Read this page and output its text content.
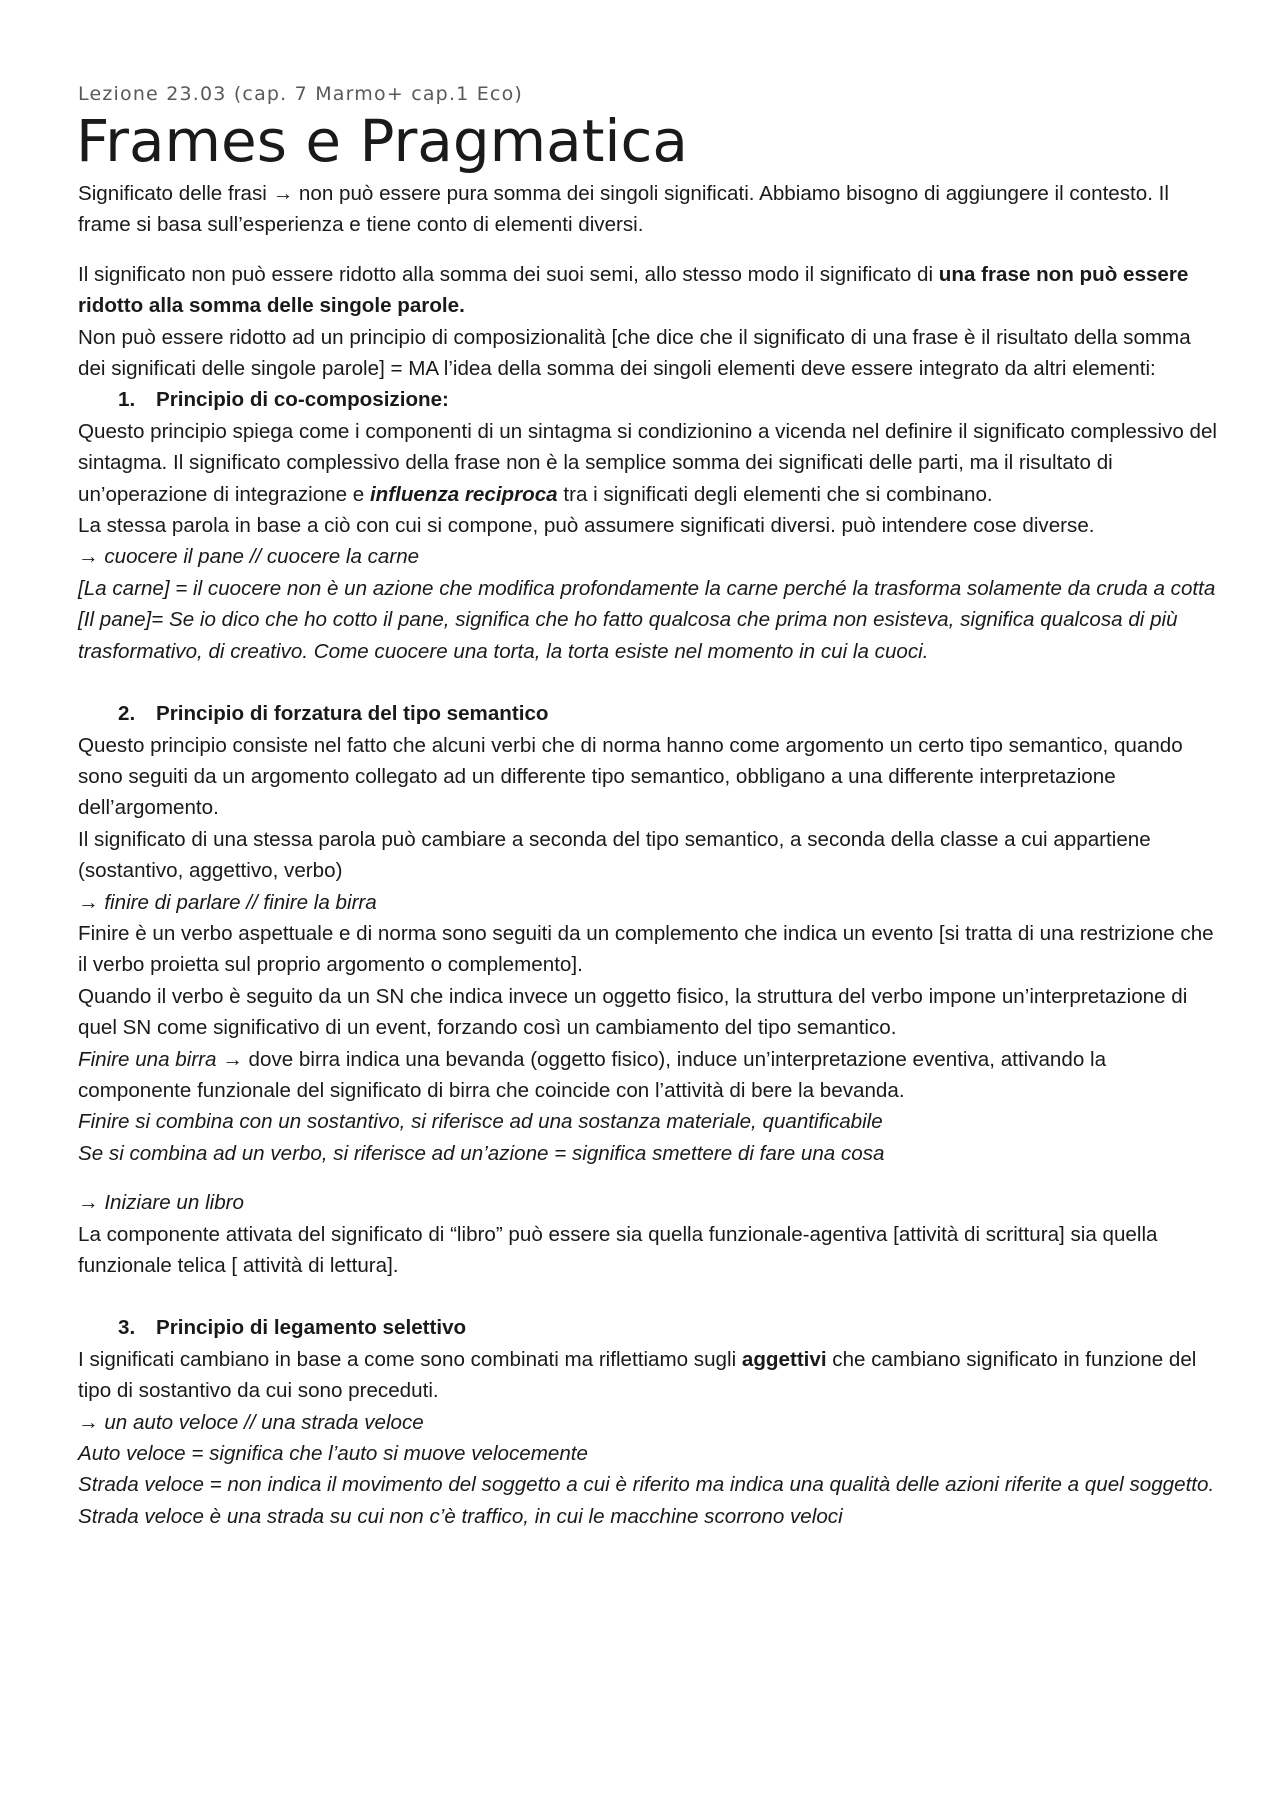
Lezione 23.03 (cap. 7 Marmo+ cap.1 Eco)

Frames e Pragmatica

Significato delle frasi → non può essere pura somma dei singoli significati. Abbiamo bisogno di aggiungere il contesto. Il frame si basa sull’esperienza e tiene conto di elementi diversi.

Il significato non può essere ridotto alla somma dei suoi semi, allo stesso modo il significato di una frase non può essere ridotto alla somma delle singole parole.

Non può essere ridotto ad un principio di composizionalità [che dice che il significato di una frase è il risultato della somma dei significati delle singole parole] = MA l’idea della somma dei singoli elementi deve essere integrato da altri elementi:

1. Principio di co-composizione:

Questo principio spiega come i componenti di un sintagma si condizionino a vicenda nel definire il significato complessivo del sintagma. Il significato complessivo della frase non è la semplice somma dei significati delle parti, ma il risultato di un’operazione di integrazione e influenza reciproca tra i significati degli elementi che si combinano.

La stessa parola in base a ciò con cui si compone, può assumere significati diversi. può intendere cose diverse.

→ cuocere il pane // cuocere la carne

[La carne] = il cuocere non è un azione che modifica profondamente la carne perché la trasforma solamente da cruda a cotta

[Il pane]= Se io dico che ho cotto il pane, significa che ho fatto qualcosa che prima non esisteva, significa qualcosa di più trasformativo, di creativo. Come cuocere una torta, la torta esiste nel momento in cui la cuoci.

2. Principio di forzatura del tipo semantico

Questo principio consiste nel fatto che alcuni verbi che di norma hanno come argomento un certo tipo semantico, quando sono seguiti da un argomento collegato ad un differente tipo semantico, obbligano a una differente interpretazione dell’argomento.

Il significato di una stessa parola può cambiare a seconda del tipo semantico, a seconda della classe a cui appartiene (sostantivo, aggettivo, verbo)

→ finire di parlare // finire la birra

Finire è un verbo aspettuale e di norma sono seguiti da un complemento che indica un evento [si tratta di una restrizione che il verbo proietta sul proprio argomento o complemento].

Quando il verbo è seguito da un SN che indica invece un oggetto fisico, la struttura del verbo impone un’interpretazione di quel SN come significativo di un event, forzando così un cambiamento del tipo semantico.

Finire una birra → dove birra indica una bevanda (oggetto fisico), induce un’interpretazione eventiva, attivando la componente funzionale del significato di birra che coincide con l’attività di bere la bevanda.

Finire si combina con un sostantivo, si riferisce ad una sostanza materiale, quantificabile

Se si combina ad un verbo, si riferisce ad un’azione = significa smettere di fare una cosa

→ Iniziare un libro

La componente attivata del significato di “libro” può essere sia quella funzionale-agentiva [attività di scrittura] sia quella funzionale telica [ attività di lettura].

3. Principio di legamento selettivo

I significati cambiano in base a come sono combinati ma riflettiamo sugli aggettivi che cambiano significato in funzione del tipo di sostantivo da cui sono preceduti.

→ un auto veloce // una strada veloce

Auto veloce = significa che l’auto si muove velocemente

Strada veloce = non indica il movimento del soggetto a cui è riferito ma indica una qualità delle azioni riferite a quel soggetto. Strada veloce è una strada su cui non c’è traffico, in cui le macchine scorrono veloci
